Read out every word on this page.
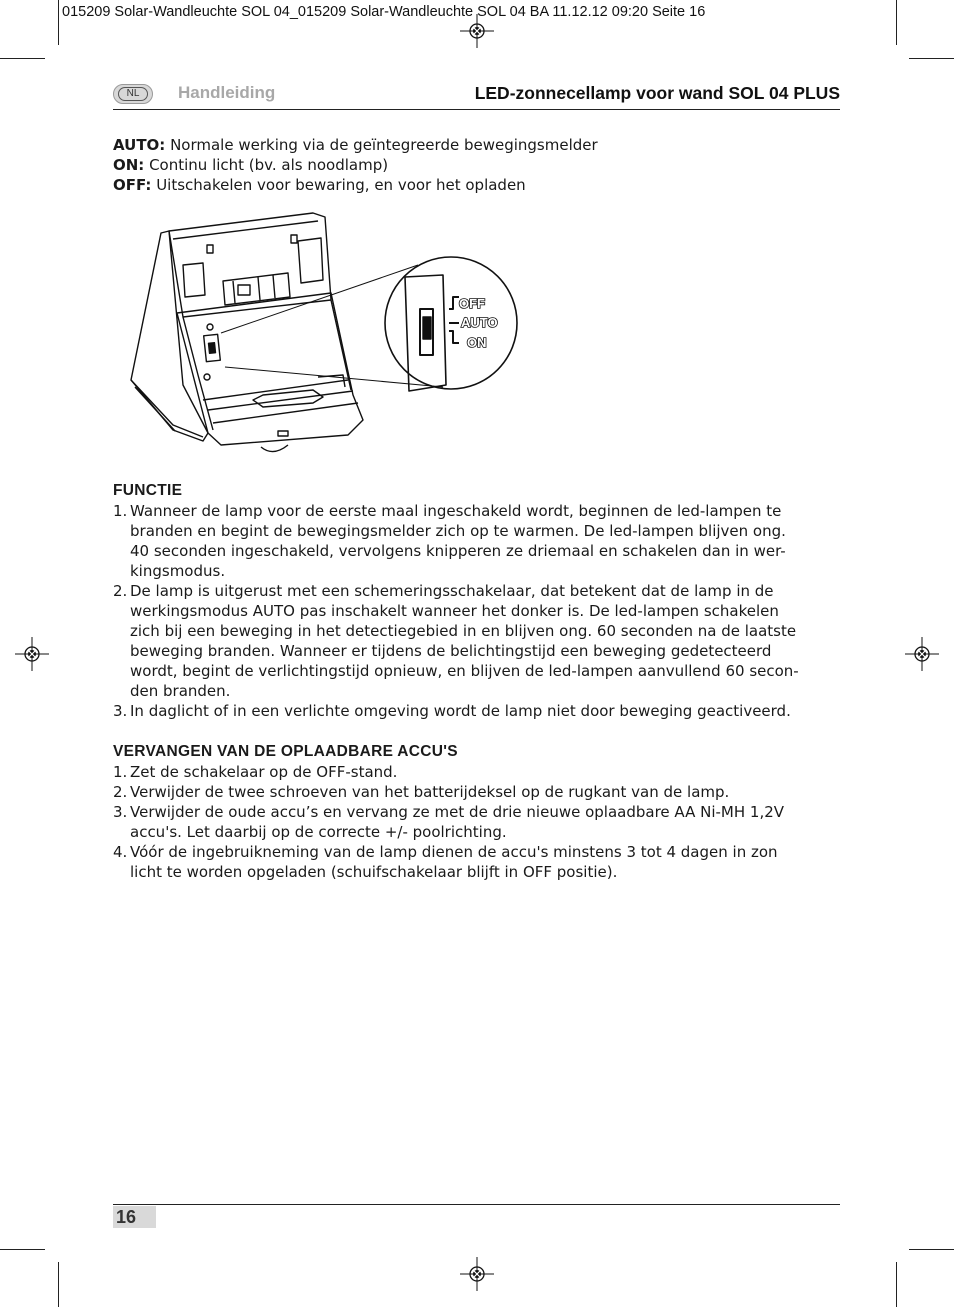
015209 Solar-Wandleuchte SOL 04_015209 Solar-Wandleuchte SOL 04 BA 11.12.12 09:20 Seite 16
NL	Handleiding	LED-zonnecellamp voor wand SOL 04 PLUS
AUTO: Normale werking via de geïntegreerde bewegingsmelder
ON: Continu licht (bv. als noodlamp)
OFF: Uitschakelen voor bewaring, en voor het opladen
OFF
AUTO
ON
FUNCTIE
1. Wanneer de lamp voor de eerste maal ingeschakeld wordt, beginnen de led-lampen te
branden en begint de bewegingsmelder zich op te warmen. De led-lampen blijven ong.
40 seconden ingeschakeld, vervolgens knipperen ze driemaal en schakelen dan in wer-
kingsmodus.
2. De lamp is uitgerust met een schemeringsschakelaar, dat betekent dat de lamp in de
werkingsmodus AUTO pas inschakelt wanneer het donker is. De led-lampen schakelen
zich bij een beweging in het detectiegebied in en blijven ong. 60 seconden na de laatste
beweging branden. Wanneer er tijdens de belichtingstijd een beweging gedetecteerd
wordt, begint de verlichtingstijd opnieuw, en blijven de led-lampen aanvullend 60 secon-
den branden.
3. In daglicht of in een verlichte omgeving wordt de lamp niet door beweging geactiveerd.
VERVANGEN VAN DE OPLAADBARE ACCU'S
1. Zet de schakelaar op de OFF-stand.
2. Verwijder de twee schroeven van het batterijdeksel op de rugkant van de lamp.
3. Verwijder de oude accu’s en vervang ze met de drie nieuwe oplaadbare AA Ni-MH 1,2V
accu's. Let daarbij op de correcte +/- poolrichting.
4. Vóór de ingebruikneming van de lamp dienen de accu's minstens 3 tot 4 dagen in zon
licht te worden opgeladen (schuifschakelaar blijft in OFF positie).
16
